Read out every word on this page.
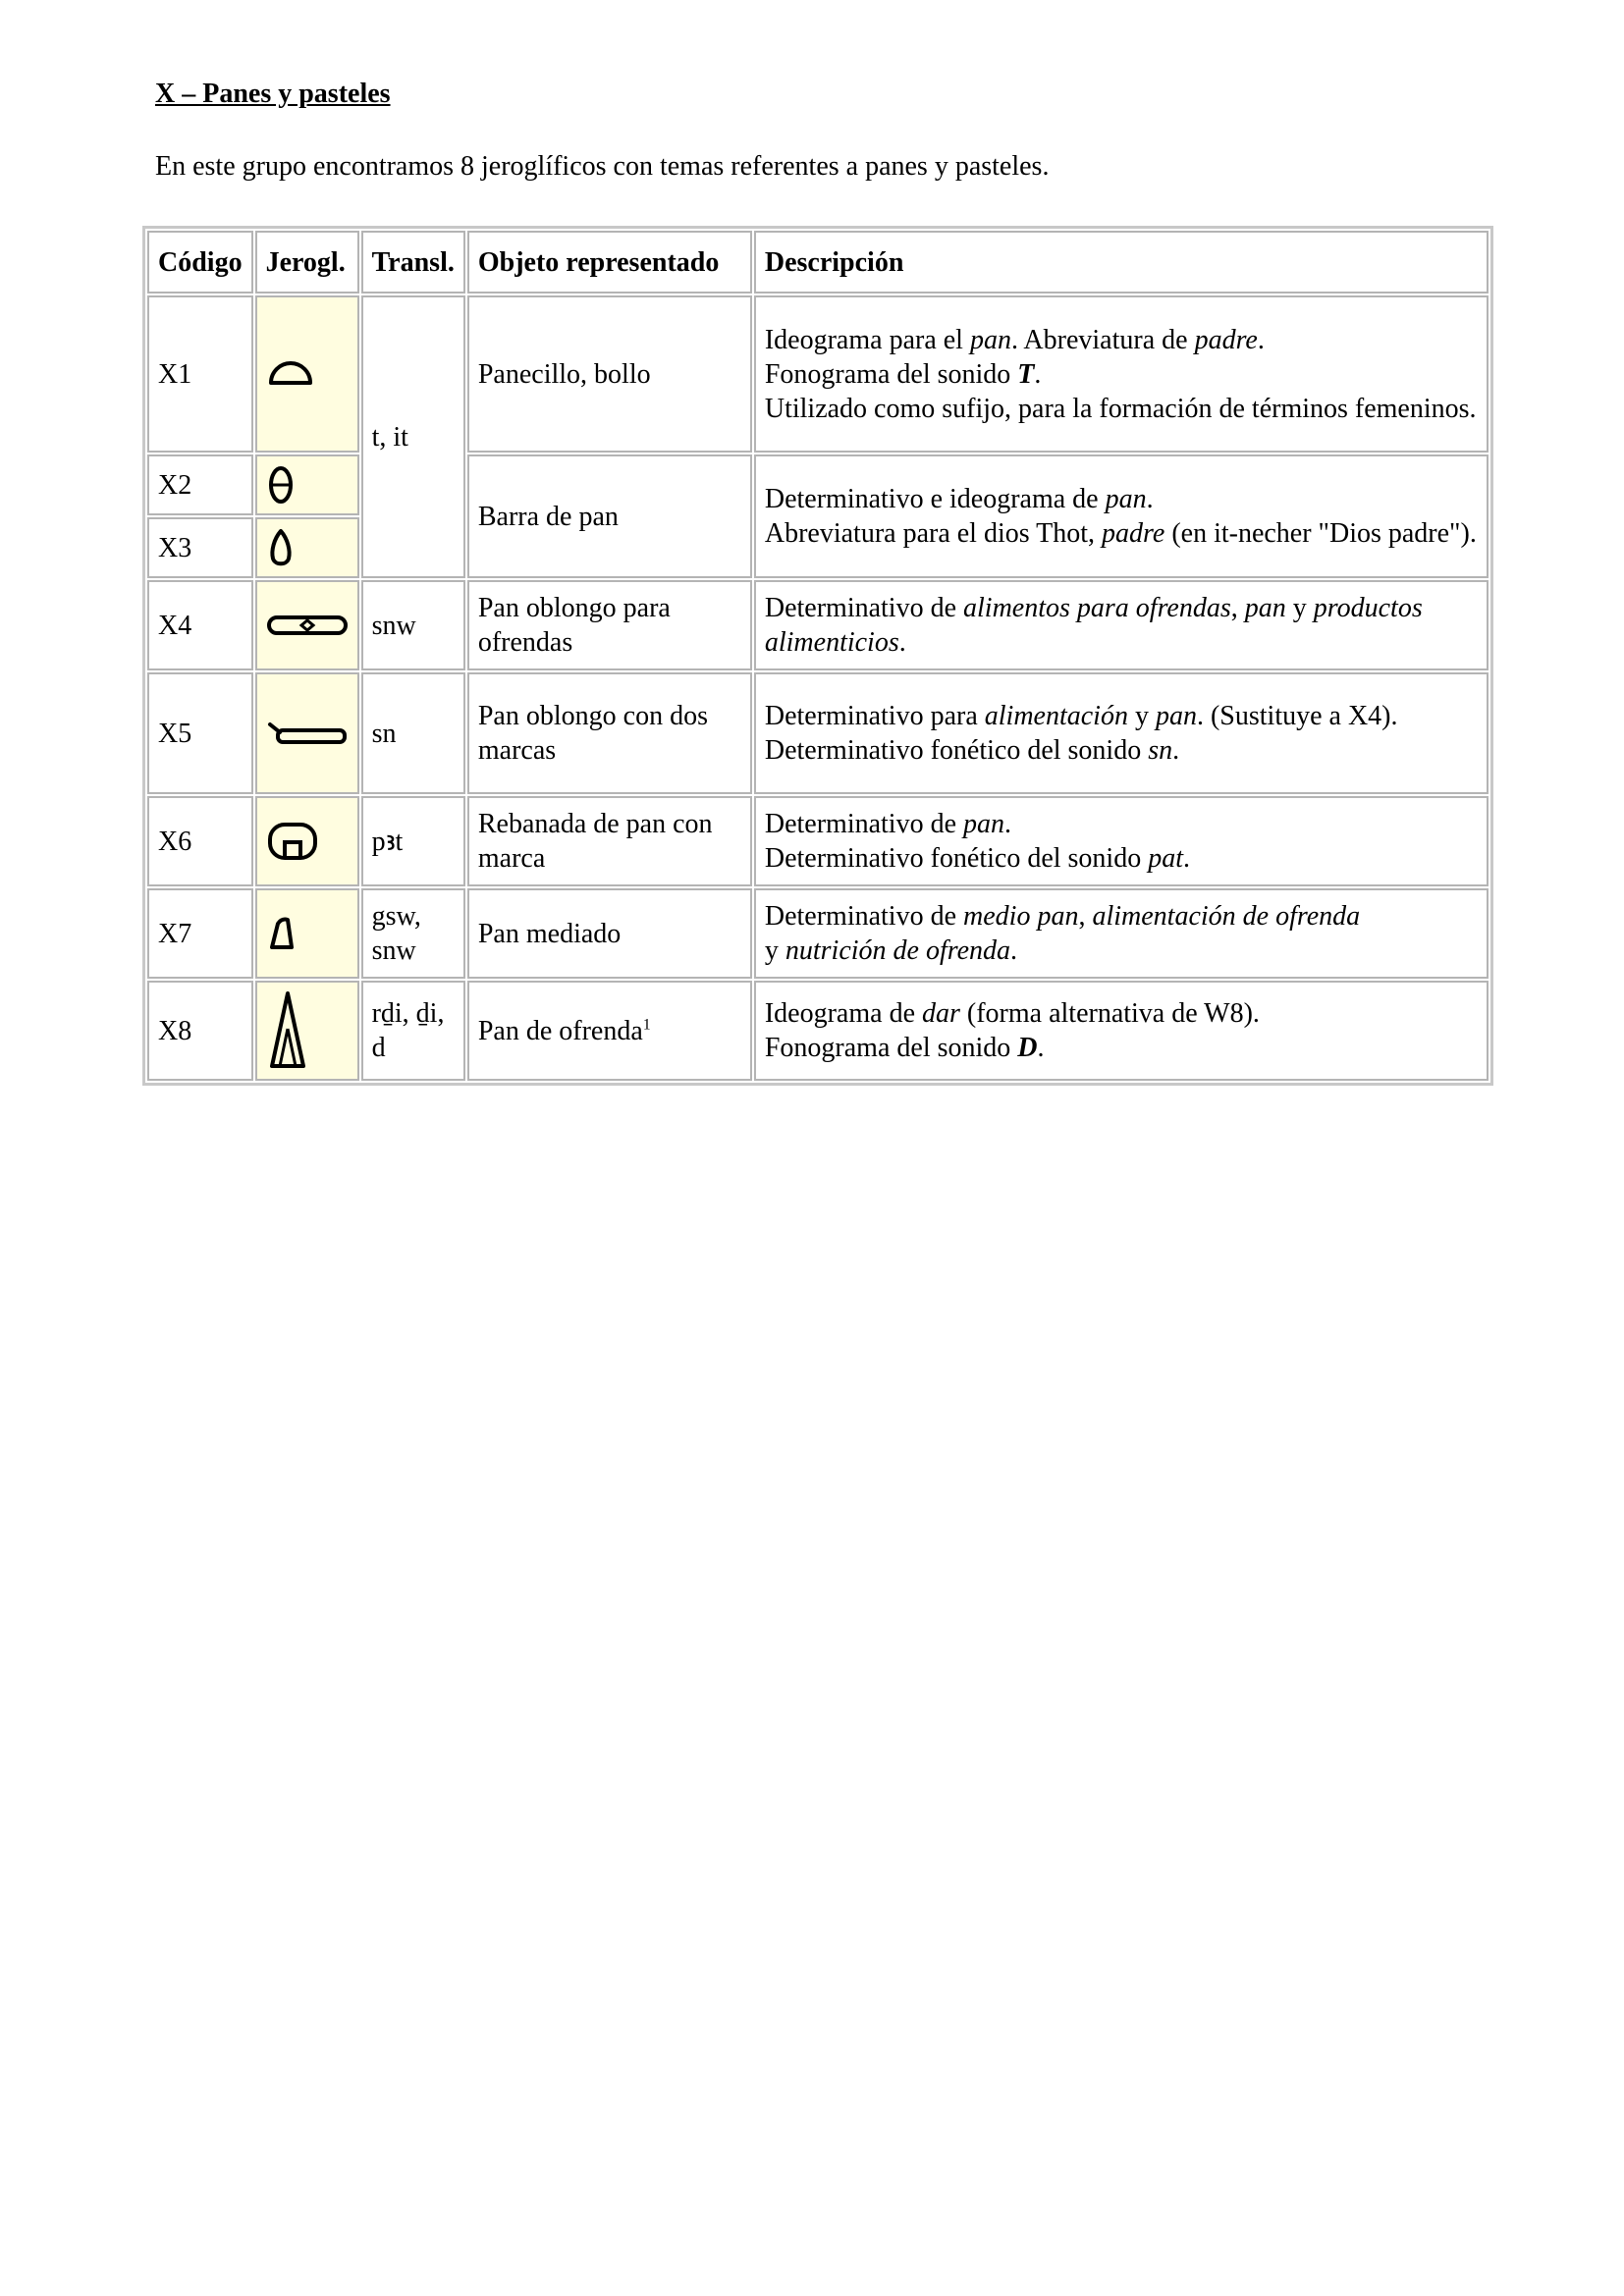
X – Panes y pasteles
En este grupo encontramos 8 jeroglíficos con temas referentes a panes y pasteles.
Código	Jerogl.	Transl.	Objeto representado	Descripción
X1		t, it	Panecillo, bollo	Ideograma para el pan. Abreviatura de padre.
Fonograma del sonido T.
Utilizado como sufijo, para la formación de términos femeninos.
X2			Barra de pan	Determinativo e ideograma de pan.
Abreviatura para el dios Thot, padre (en it-necher "Dios padre").
X3	

X4		snw	Pan oblongo para ofrendas	Determinativo de alimentos para ofrendas, pan y productos alimenticios.
X5		sn	Pan oblongo con dos marcas	Determinativo para alimentación y pan. (Sustituye a X4).
Determinativo fonético del sonido sn.
X6		pꜣt	Rebanada de pan con marca	Determinativo de pan.
Determinativo fonético del sonido pat.
X7		gsw, snw	Pan mediado	Determinativo de medio pan, alimentación de ofrenda
y nutrición de ofrenda.
X8		rḏi, ḏi, d	Pan de ofrenda$^1$	Ideograma de dar (forma alternativa de W8).
Fonograma del sonido D.
